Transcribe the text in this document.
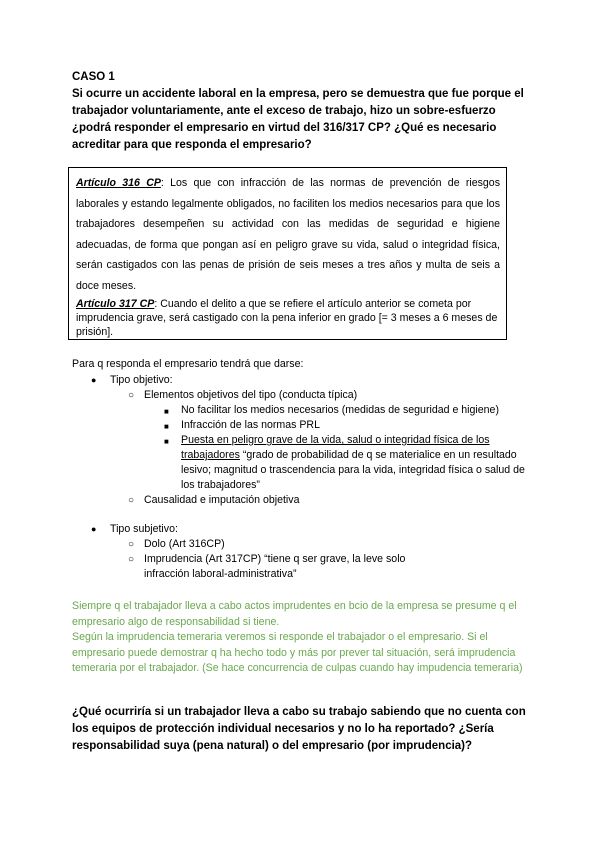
CASO 1
Si ocurre un accidente laboral en la empresa, pero se demuestra que fue porque el trabajador voluntariamente, ante el exceso de trabajo, hizo un sobre-esfuerzo ¿podrá responder el empresario en virtud del 316/317 CP? ¿Qué es necesario acreditar para que responda el empresario?
Artículo 316 CP: Los que con infracción de las normas de prevención de riesgos laborales y estando legalmente obligados, no faciliten los medios necesarios para que los trabajadores desempeñen su actividad con las medidas de seguridad e higiene adecuadas, de forma que pongan así en peligro grave su vida, salud o integridad física, serán castigados con las penas de prisión de seis meses a tres años y multa de seis a doce meses.
Artículo 317 CP: Cuando el delito a que se refiere el artículo anterior se cometa por imprudencia grave, será castigado con la pena inferior en grado [= 3 meses a 6 meses de prisión].

Para q responda el empresario tendrá que darse:

● Tipo objetivo:
○ Elementos objetivos del tipo (conducta típica)
■ No facilitar los medios necesarios (medidas de seguridad e higiene)
■ Infracción de las normas PRL
■ Puesta en peligro grave de la vida, salud o integridad física de los trabajadores “grado de probabilidad de q se materialice en un resultado lesivo; magnitud o trascendencia para la vida, integridad física o salud de los trabajadores”
○ Causalidad e imputación objetiva
● Tipo subjetivo:
○ Dolo (Art 316CP)
○ Imprudencia (Art 317CP) “tiene q ser grave, la leve solo infracción laboral-administrativa”

Siempre q el trabajador lleva a cabo actos imprudentes en bcio de la empresa se presume q el empresario algo de responsabilidad si tiene.

Según la imprudencia temeraria veremos si responde el trabajador o el empresario. Si el empresario puede demostrar q ha hecho todo y más por prever tal situación, será imprudencia temeraria por el trabajador. (Se hace concurrencia de culpas cuando hay impudencia temeraria)

¿Qué ocurriría si un trabajador lleva a cabo su trabajo sabiendo que no cuenta con los equipos de protección individual necesarios y no lo ha reportado? ¿Sería responsabilidad suya (pena natural) o del empresario (por imprudencia)?
